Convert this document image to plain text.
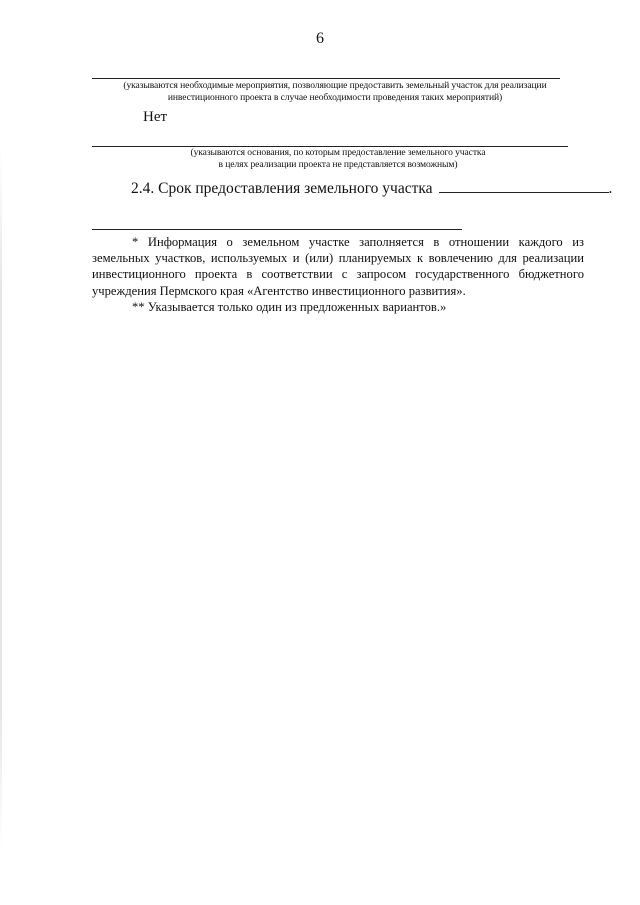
6
(указываются необходимые мероприятия, позволяющие предоставить земельный участок для реализации
инвестиционного проекта в случае необходимости проведения таких мероприятий)
Нет
(указываются основания, по которым предоставление земельного участка
в целях реализации проекта не представляется возможным)
2.4. Срок предоставления земельного участка	.

* Информация о земельном участке заполняется в отношении каждого из земельных участков, используемых и (или) планируемых к вовлечению для реализации инвестиционного проекта в соответствии с запросом государственного бюджетного учреждения Пермского края «Агентство инвестиционного развития».

** Указывается только один из предложенных вариантов.»
